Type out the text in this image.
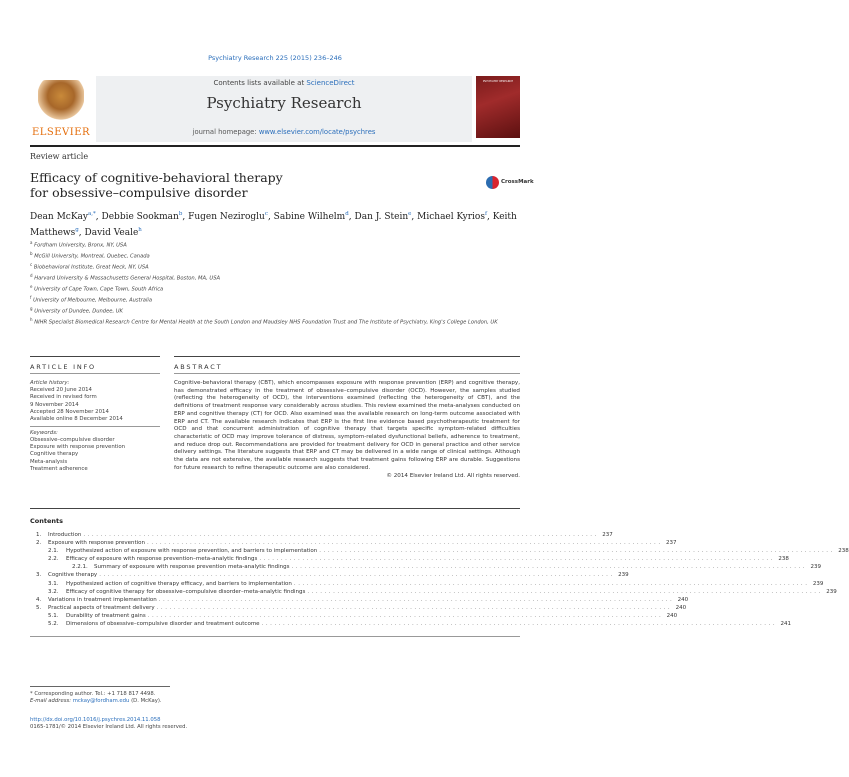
Psychiatry Research 225 (2015) 236–246
ELSEVIER
Contents lists available at ScienceDirect
Psychiatry Research
journal homepage: www.elsevier.com/locate/psychres
PSYCHIATRY RESEARCH
Review article
Efficacy of cognitive-behavioral therapy
for obsessive–compulsive disorder
CrossMark
Dean McKay$^{a,*}$, Debbie Sookman$^b$, Fugen Neziroglu$^c$, Sabine Wilhelm$^d$, Dan J. Stein$^e$, Michael Kyrios$^f$, Keith Matthews$^g$, David Veale$^h$
$^a$ Fordham University, Bronx, NY, USA
$^b$ McGill University, Montreal, Quebec, Canada
$^c$ Biobehavioral Institute, Great Neck, NY, USA
$^d$ Harvard University & Massachusetts General Hospital, Boston, MA, USA
$^e$ University of Cape Town, Cape Town, South Africa
$^f$ University of Melbourne, Melbourne, Australia
$^g$ University of Dundee, Dundee, UK
$^h$ NIHR Specialist Biomedical Research Centre for Mental Health at the South London and Maudsley NHS Foundation Trust and The Institute of Psychiatry, King's College London, UK
ARTICLE INFO	ABSTRACT
Article history:
Received 20 June 2014
Received in revised form
9 November 2014
Accepted 28 November 2014
Available online 8 December 2014
Keywords:
Obsessive–compulsive disorder
Exposure with response prevention
Cognitive therapy
Meta-analysis
Treatment adherence
Cognitive-behavioral therapy (CBT), which encompasses exposure with response prevention (ERP) and cognitive therapy, has demonstrated efficacy in the treatment of obsessive–compulsive disorder (OCD). However, the samples studied (reflecting the heterogeneity of OCD), the interventions examined (reflecting the heterogeneity of CBT), and the definitions of treatment response vary considerably across studies. This review examined the meta-analyses conducted on ERP and cognitive therapy (CT) for OCD. Also examined was the available research on long-term outcome associated with ERP and CT. The available research indicates that ERP is the first line evidence based psychotherapeutic treatment for OCD and that concurrent administration of cognitive therapy that targets specific symptom-related difficulties characteristic of OCD may improve tolerance of distress, symptom-related dysfunctional beliefs, adherence to treatment, and reduce drop out. Recommendations are provided for treatment delivery for OCD in general practice and other service delivery settings. The literature suggests that ERP and CT may be delivered in a wide range of clinical settings. Although the data are not extensive, the available research suggests that treatment gains following ERP are durable. Suggestions for future research to refine therapeutic outcome are also considered.
© 2014 Elsevier Ireland Ltd. All rights reserved.
Contents
1.	Introduction . . . . . . . . . . . . . . . . . . . . . . . . . . . . . . . . . . . . . . . . . . . . . . . . . . . . . . . . . . . . . . . . . . . . . . . . . . . . . . . . . . . . . . . . . . . . . . . . . . . . . . . . . . . . . . . . . . . . . . . .	237
2.	Exposure with response prevention . . . . . . . . . . . . . . . . . . . . . . . . . . . . . . . . . . . . . . . . . . . . . . . . . . . . . . . . . . . . . . . . . . . . . . . . . . . . . . . . . . . . . . . . . . . . . . . . . . . . . . . . . . . . . . . . . . . . . . . .	237
2.1.	Hypothesized action of exposure with response prevention, and barriers to implementation . . . . . . . . . . . . . . . . . . . . . . . . . . . . . . . . . . . . . . . . . . . . . . . . . . . . . . . . . . . . . . . . . . . . . . . . . . . . . . . . . . . . . . . . . . . . . . . . . . . . . . . . . . . . . . . . . . . . . . . .	238
2.2.	Efficacy of exposure with response prevention–meta-analytic findings . . . . . . . . . . . . . . . . . . . . . . . . . . . . . . . . . . . . . . . . . . . . . . . . . . . . . . . . . . . . . . . . . . . . . . . . . . . . . . . . . . . . . . . . . . . . . . . . . . . . . . . . . . . . . . . . . . . . . . . .	238
2.2.1.	Summary of exposure with response prevention meta-analytic findings . . . . . . . . . . . . . . . . . . . . . . . . . . . . . . . . . . . . . . . . . . . . . . . . . . . . . . . . . . . . . . . . . . . . . . . . . . . . . . . . . . . . . . . . . . . . . . . . . . . . . . . . . . . . . . . . . . . . . . . .	239
3.	Cognitive therapy . . . . . . . . . . . . . . . . . . . . . . . . . . . . . . . . . . . . . . . . . . . . . . . . . . . . . . . . . . . . . . . . . . . . . . . . . . . . . . . . . . . . . . . . . . . . . . . . . . . . . . . . . . . . . . . . . . . . . . . .	239
3.1.	Hypothesized action of cognitive therapy efficacy, and barriers to implementation . . . . . . . . . . . . . . . . . . . . . . . . . . . . . . . . . . . . . . . . . . . . . . . . . . . . . . . . . . . . . . . . . . . . . . . . . . . . . . . . . . . . . . . . . . . . . . . . . . . . . . . . . . . . . . . . . . . . . . . .	239
3.2.	Efficacy of cognitive therapy for obsessive–compulsive disorder–meta-analytic findings . . . . . . . . . . . . . . . . . . . . . . . . . . . . . . . . . . . . . . . . . . . . . . . . . . . . . . . . . . . . . . . . . . . . . . . . . . . . . . . . . . . . . . . . . . . . . . . . . . . . . . . . . . . . . . . . . . . . . . . .	239
4.	Variations in treatment implementation . . . . . . . . . . . . . . . . . . . . . . . . . . . . . . . . . . . . . . . . . . . . . . . . . . . . . . . . . . . . . . . . . . . . . . . . . . . . . . . . . . . . . . . . . . . . . . . . . . . . . . . . . . . . . . . . . . . . . . . .	240
5.	Practical aspects of treatment delivery . . . . . . . . . . . . . . . . . . . . . . . . . . . . . . . . . . . . . . . . . . . . . . . . . . . . . . . . . . . . . . . . . . . . . . . . . . . . . . . . . . . . . . . . . . . . . . . . . . . . . . . . . . . . . . . . . . . . . . . .	240
5.1.	Durability of treatment gains . . . . . . . . . . . . . . . . . . . . . . . . . . . . . . . . . . . . . . . . . . . . . . . . . . . . . . . . . . . . . . . . . . . . . . . . . . . . . . . . . . . . . . . . . . . . . . . . . . . . . . . . . . . . . . . . . . . . . . . .	240
5.2.	Dimensions of obsessive–compulsive disorder and treatment outcome . . . . . . . . . . . . . . . . . . . . . . . . . . . . . . . . . . . . . . . . . . . . . . . . . . . . . . . . . . . . . . . . . . . . . . . . . . . . . . . . . . . . . . . . . . . . . . . . . . . . . . . . . . . . . . . . . . . . . . . .	241
* Corresponding author. Tel.: +1 718 817 4498.
E-mail address: mckay@fordham.edu (D. McKay).
http://dx.doi.org/10.1016/j.psychres.2014.11.058
0165-1781/© 2014 Elsevier Ireland Ltd. All rights reserved.
